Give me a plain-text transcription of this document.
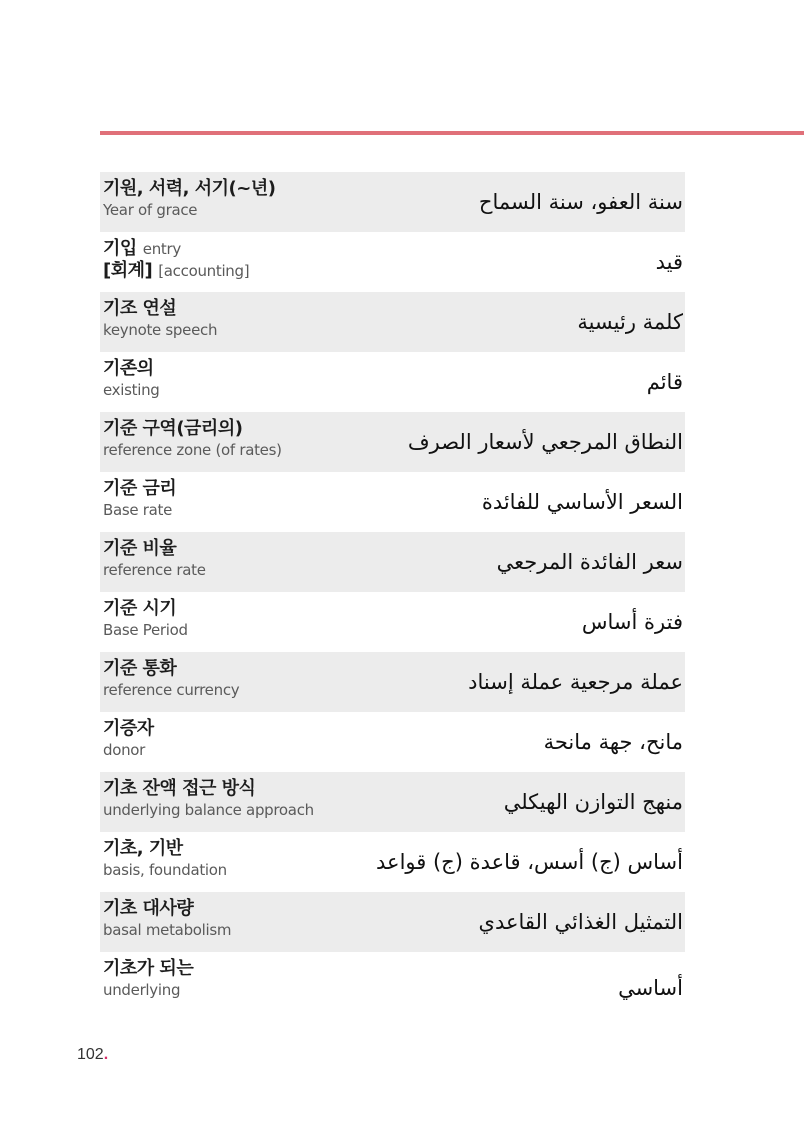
기원, 서력, 서기(~년)
Year of grace	سنة العفو، سنة السماح
기입 entry
[회계] [accounting]	قيد
기조 연설
keynote speech	كلمة رئيسية
기존의
existing	قائم
기준 구역(금리의)
reference zone (of rates)	النطاق المرجعي لأسعار الصرف
기준 금리
Base rate	السعر الأساسي للفائدة
기준 비율
reference rate	سعر الفائدة المرجعي
기준 시기
Base Period	فترة أساس
기준 통화
reference currency	عملة مرجعية عملة إسناد
기증자
donor	مانح، جهة مانحة
기초 잔액 접근 방식
underlying balance approach	منهج التوازن الهيكلي
기초, 기반
basis, foundation	أساس (ج) أسس، قاعدة (ج) قواعد
기초 대사량
basal metabolism	التمثيل الغذائي القاعدي
기초가 되는
underlying	أساسي
102.
